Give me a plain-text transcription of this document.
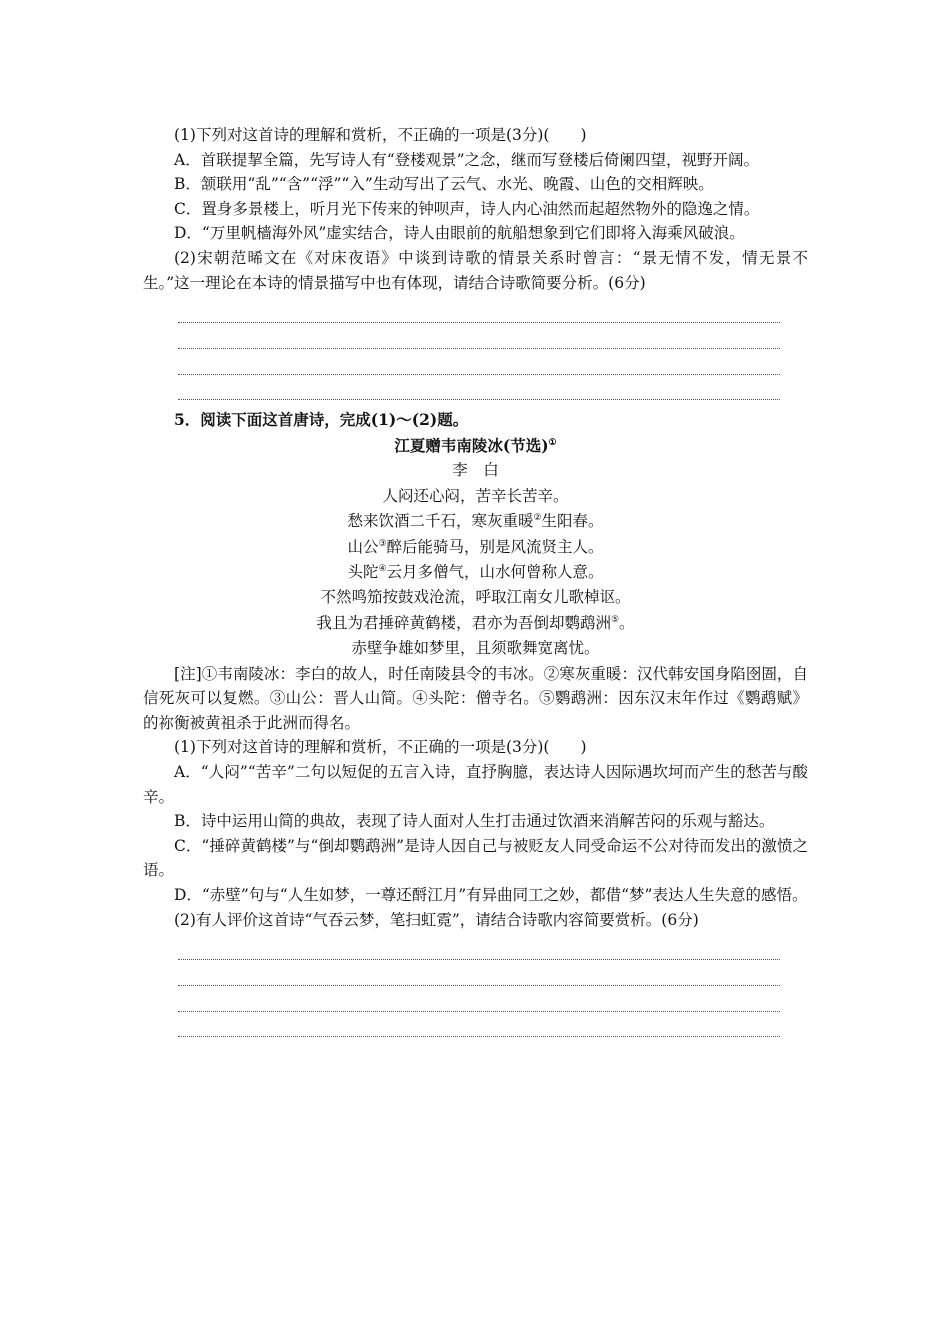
(1)下列对这首诗的理解和赏析，不正确的一项是(3分)(　　)

A．首联提挈全篇，先写诗人有“登楼观景”之念，继而写登楼后倚阑四望，视野开阔。

B．颔联用“乱”“含”“浮”“入”生动写出了云气、水光、晚霞、山色的交相辉映。

C．置身多景楼上，听月光下传来的钟呗声，诗人内心油然而起超然物外的隐逸之情。

D．“万里帆樯海外风”虚实结合，诗人由眼前的航船想象到它们即将入海乘风破浪。

(2)宋朝范晞文在《对床夜语》中谈到诗歌的情景关系时曾言：“景无情不发，情无景不生。”这一理论在本诗的情景描写中也有体现，请结合诗歌简要分析。(6分)

5．阅读下面这首唐诗，完成(1)～(2)题。

江夏赠韦南陵冰(节选)①

李　白

人闷还心闷，苦辛长苦辛。

愁来饮酒二千石，寒灰重暖②生阳春。

山公③醉后能骑马，别是风流贤主人。

头陀④云月多僧气，山水何曾称人意。

不然鸣笳按鼓戏沧流，呼取江南女儿歌棹讴。

我且为君捶碎黄鹤楼，君亦为吾倒却鹦鹉洲⑤。

赤壁争雄如梦里，且须歌舞宽离忧。

[注]①韦南陵冰：李白的故人，时任南陵县令的韦冰。②寒灰重暖：汉代韩安国身陷囹圄，自信死灰可以复燃。③山公：晋人山简。④头陀：僧寺名。⑤鹦鹉洲：因东汉末年作过《鹦鹉赋》的祢衡被黄祖杀于此洲而得名。

(1)下列对这首诗的理解和赏析，不正确的一项是(3分)(　　)

A．“人闷”“苦辛”二句以短促的五言入诗，直抒胸臆，表达诗人因际遇坎坷而产生的愁苦与酸辛。

B．诗中运用山简的典故，表现了诗人面对人生打击通过饮酒来消解苦闷的乐观与豁达。

C．“捶碎黄鹤楼”与“倒却鹦鹉洲”是诗人因自己与被贬友人同受命运不公对待而发出的激愤之语。

D．“赤壁”句与“人生如梦，一尊还酹江月”有异曲同工之妙，都借“梦”表达人生失意的感悟。

(2)有人评价这首诗“气吞云梦，笔扫虹霓”，请结合诗歌内容简要赏析。(6分)
